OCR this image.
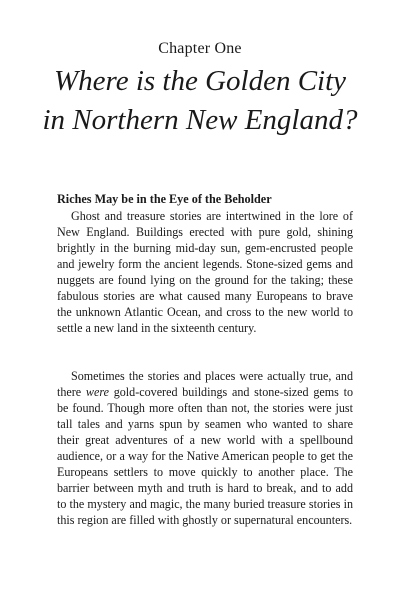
Chapter One
Where is the Golden City in Northern New England?
Riches May be in the Eye of the Beholder

Ghost and treasure stories are intertwined in the lore of New England. Buildings erected with pure gold, shining brightly in the burning mid-day sun, gem-encrusted people and jewelry form the ancient legends. Stone-sized gems and nuggets are found lying on the ground for the taking; these fabulous stories are what caused many Europeans to brave the unknown Atlantic Ocean, and cross to the new world to settle a new land in the sixteenth century.

Sometimes the stories and places were actually true, and there were gold-covered buildings and stone-sized gems to be found. Though more often than not, the stories were just tall tales and yarns spun by seamen who wanted to share their great adventures of a new world with a spellbound audience, or a way for the Native American people to get the Europeans settlers to move quickly to another place. The barrier between myth and truth is hard to break, and to add to the mystery and magic, the many buried treasure stories in this region are filled with ghostly or supernatural encounters.
